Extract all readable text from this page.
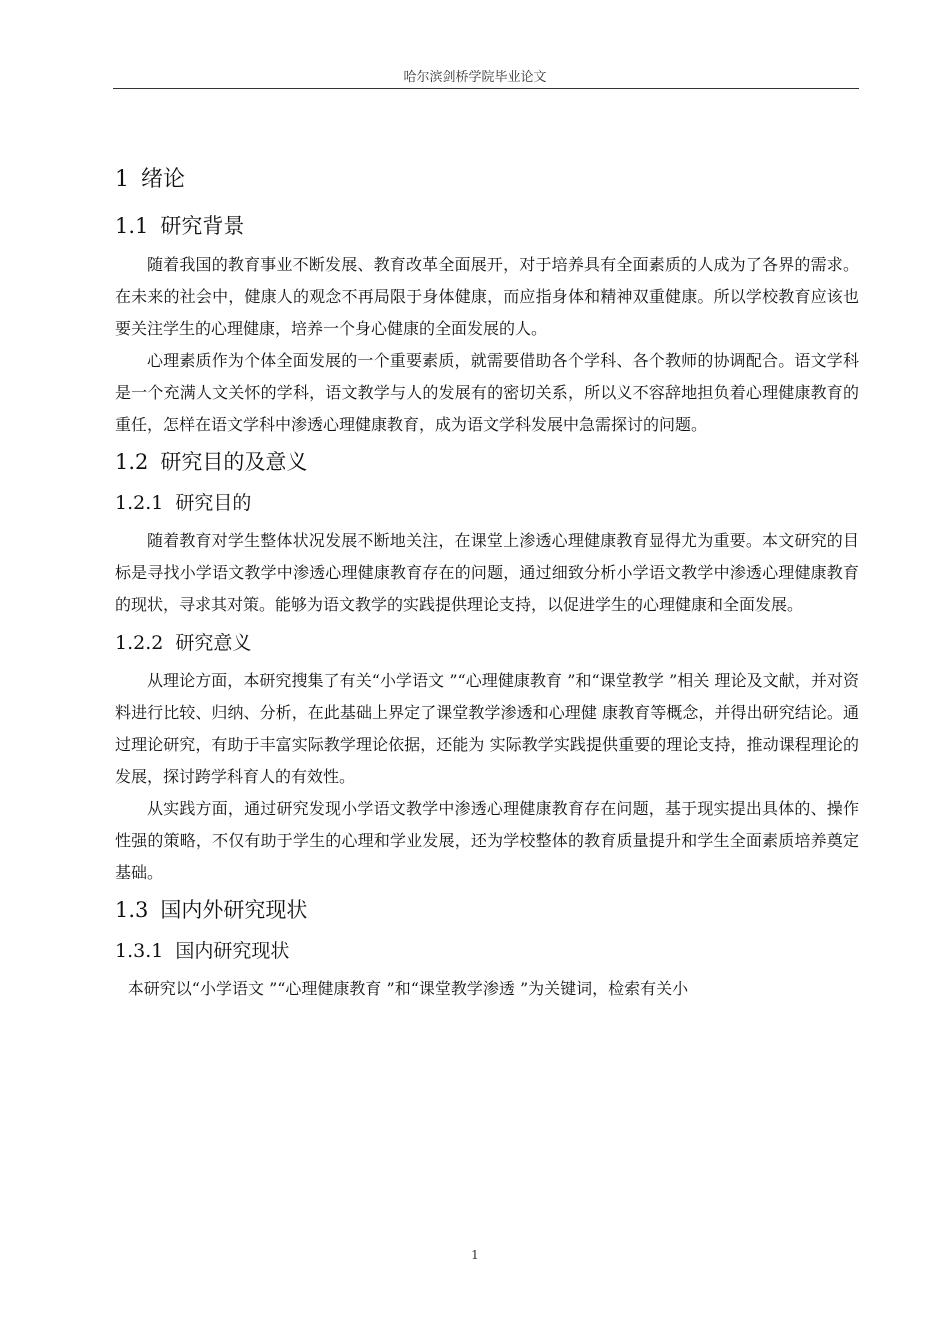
哈尔滨剑桥学院毕业论文
1 绪论
1.1 研究背景

随着我国的教育事业不断发展、教育改革全面展开，对于培养具有全面素质的人成为了各界的需求。在未来的社会中，健康人的观念不再局限于身体健康，而应指身体和精神双重健康。所以学校教育应该也要关注学生的心理健康，培养一个身心健康的全面发展的人。

心理素质作为个体全面发展的一个重要素质，就需要借助各个学科、各个教师的协调配合。语文学科是一个充满人文关怀的学科，语文教学与人的发展有的密切关系，所以义不容辞地担负着心理健康教育的重任，怎样在语文学科中渗透心理健康教育，成为语文学科发展中急需探讨的问题。

1.2 研究目的及意义
1.2.1 研究目的

随着教育对学生整体状况发展不断地关注，在课堂上渗透心理健康教育显得尤为重要。本文研究的目标是寻找小学语文教学中渗透心理健康教育存在的问题，通过细致分析小学语文教学中渗透心理健康教育的现状，寻求其对策。能够为语文教学的实践提供理论支持，以促进学生的心理健康和全面发展。

1.2.2 研究意义

从理论方面，本研究搜集了有关“小学语文 ”“心理健康教育 ”和“课堂教学 ”相关 理论及文献，并对资料进行比较、归纳、分析，在此基础上界定了课堂教学渗透和心理健 康教育等概念，并得出研究结论。通过理论研究，有助于丰富实际教学理论依据，还能为 实际教学实践提供重要的理论支持，推动课程理论的发展，探讨跨学科育人的有效性。

从实践方面，通过研究发现小学语文教学中渗透心理健康教育存在问题，基于现实提出具体的、操作性强的策略，不仅有助于学生的心理和学业发展，还为学校整体的教育质量提升和学生全面素质培养奠定基础。

1.3 国内外研究现状
1.3.1 国内研究现状

本研究以“小学语文 ”“心理健康教育 ”和“课堂教学渗透 ”为关键词，检索有关小

1
